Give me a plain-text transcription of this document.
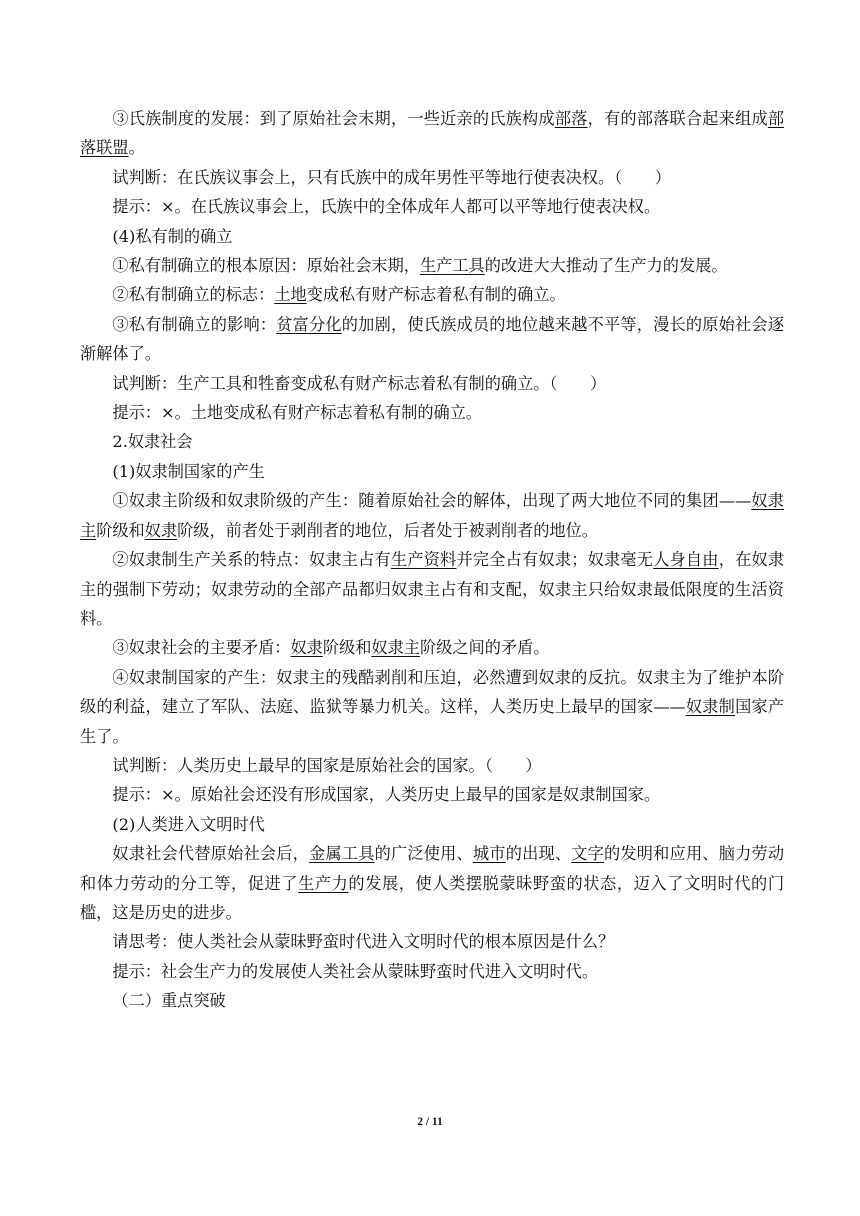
③氏族制度的发展：到了原始社会末期，一些近亲的氏族构成部落，有的部落联合起来组成部落联盟。

试判断：在氏族议事会上，只有氏族中的成年男性平等地行使表决权。（ ）

提示：×。在氏族议事会上，氏族中的全体成年人都可以平等地行使表决权。

(4)私有制的确立

①私有制确立的根本原因：原始社会末期，生产工具的改进大大推动了生产力的发展。

②私有制确立的标志：土地变成私有财产标志着私有制的确立。

③私有制确立的影响：贫富分化的加剧，使氏族成员的地位越来越不平等，漫长的原始社会逐渐解体了。

试判断：生产工具和牲畜变成私有财产标志着私有制的确立。（ ）

提示：×。土地变成私有财产标志着私有制的确立。

2.奴隶社会

(1)奴隶制国家的产生

①奴隶主阶级和奴隶阶级的产生：随着原始社会的解体，出现了两大地位不同的集团——奴隶主阶级和奴隶阶级，前者处于剥削者的地位，后者处于被剥削者的地位。

②奴隶制生产关系的特点：奴隶主占有生产资料并完全占有奴隶；奴隶毫无人身自由，在奴隶主的强制下劳动；奴隶劳动的全部产品都归奴隶主占有和支配，奴隶主只给奴隶最低限度的生活资料。

③奴隶社会的主要矛盾：奴隶阶级和奴隶主阶级之间的矛盾。

④奴隶制国家的产生：奴隶主的残酷剥削和压迫，必然遭到奴隶的反抗。奴隶主为了维护本阶级的利益，建立了军队、法庭、监狱等暴力机关。这样，人类历史上最早的国家——奴隶制国家产生了。

试判断：人类历史上最早的国家是原始社会的国家。（ ）

提示：×。原始社会还没有形成国家，人类历史上最早的国家是奴隶制国家。

(2)人类进入文明时代

奴隶社会代替原始社会后，金属工具的广泛使用、城市的出现、文字的发明和应用、脑力劳动和体力劳动的分工等，促进了生产力的发展，使人类摆脱蒙昧野蛮的状态，迈入了文明时代的门槛，这是历史的进步。

请思考：使人类社会从蒙昧野蛮时代进入文明时代的根本原因是什么？

提示：社会生产力的发展使人类社会从蒙昧野蛮时代进入文明时代。

（二）重点突破

2 / 11
